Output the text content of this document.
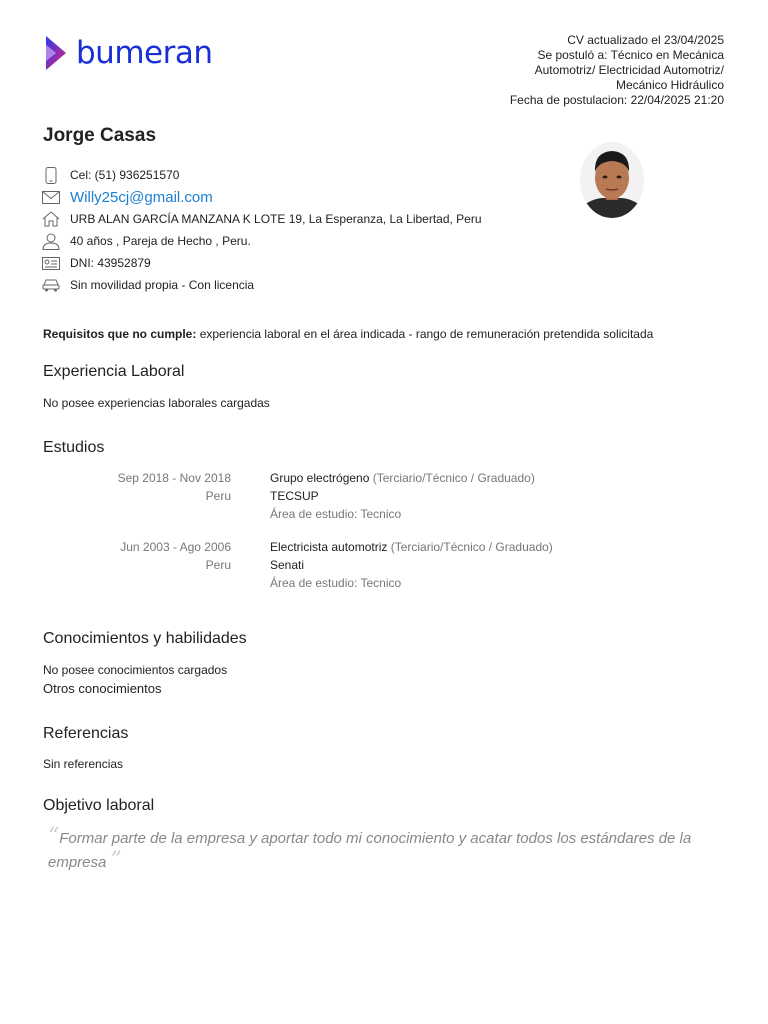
bumeran	CV actualizado el 23/04/2025
Se postuló a: Técnico en Mecánica
Automotriz/ Electricidad Automotriz/
Mecánico Hidráulico
Fecha de postulacion: 22/04/2025 21:20
Jorge Casas
Cel: (51) 936251570
Willy25cj@gmail.com
URB ALAN GARCÍA MANZANA K LOTE 19, La Esperanza, La Libertad, Peru
40 años , Pareja de Hecho , Peru.
DNI: 43952879
Sin movilidad propia - Con licencia
Requisitos que no cumple: experiencia laboral en el área indicada - rango de remuneración pretendida solicitada
Experiencia Laboral
No posee experiencias laborales cargadas
Estudios
Sep 2018 - Nov 2018
Peru
Grupo electrógeno (Terciario/Técnico / Graduado)
TECSUP
Área de estudio: Tecnico
Jun 2003 - Ago 2006
Peru
Electricista automotriz (Terciario/Técnico / Graduado)
Senati
Área de estudio: Tecnico
Conocimientos y habilidades
No posee conocimientos cargados
Otros conocimientos
Referencias
Sin referencias
Objetivo laboral
“Formar parte de la empresa y aportar todo mi conocimiento y acatar todos los estándares de la empresa ”
